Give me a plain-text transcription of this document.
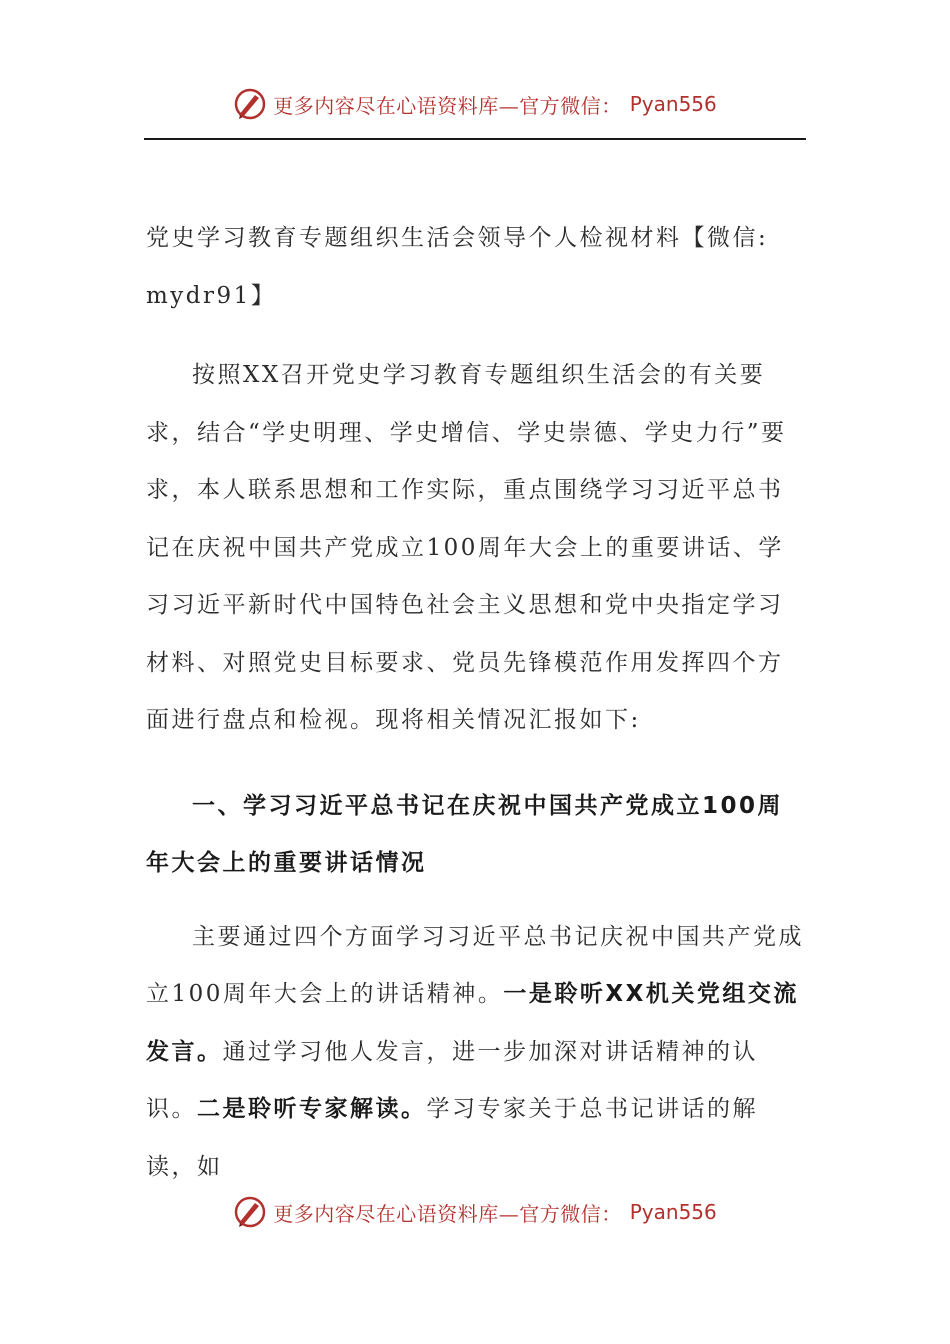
更多内容尽在心语资料库—官方微信： Pyan556

党史学习教育专题组织生活会领导个人检视材料【微信: mydr91】

按照XX召开党史学习教育专题组织生活会的有关要求，结合“学史明理、学史增信、学史崇德、学史力行”要求，本人联系思想和工作实际，重点围绕学习习近平总书记在庆祝中国共产党成立100周年大会上的重要讲话、学习习近平新时代中国特色社会主义思想和党中央指定学习材料、对照党史目标要求、党员先锋模范作用发挥四个方面进行盘点和检视。现将相关情况汇报如下:

一、学习习近平总书记在庆祝中国共产党成立100周年大会上的重要讲话情况

主要通过四个方面学习习近平总书记庆祝中国共产党成立100周年大会上的讲话精神。一是聆听XX机关党组交流发言。通过学习他人发言，进一步加深对讲话精神的认识。二是聆听专家解读。学习专家关于总书记讲话的解读，如

更多内容尽在心语资料库—官方微信： Pyan556
